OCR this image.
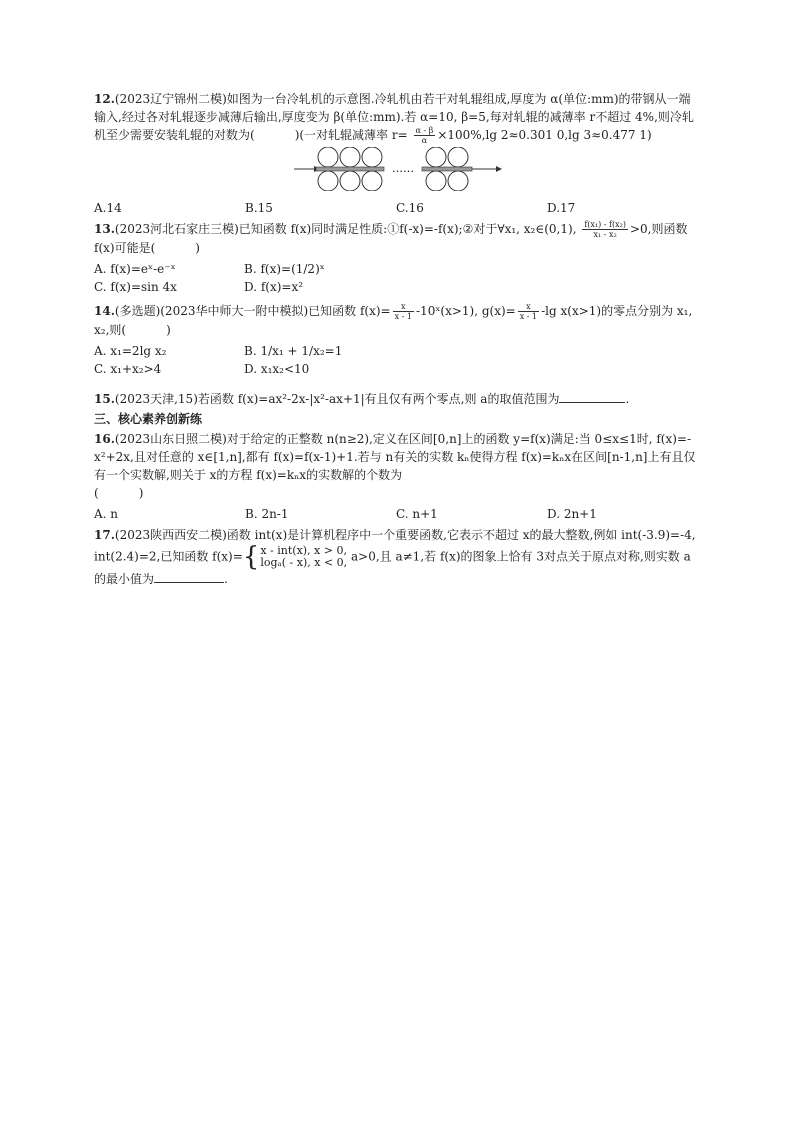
12.(2023辽宁锦州二模)如图为一台冷轧机的示意图.冷轧机由若干对轧辊组成,厚度为 α(单位:mm)的带钢从一端输入,经过各对轧辊逐步减薄后输出,厚度变为 β(单位:mm).若 α=10, β=5,每对轧辊的减薄率 r不超过 4%,则冷轧机至少需要安装轧辊的对数为(	)(一对轧辊减薄率 $r= \frac{\alpha - \beta}{\alpha} \times 100\%,\lg$ 2≈0.301 0,lg 3≈0.477 1)
……
A.14	B.15	C.16	D.17
13.(2023河北石家庄三模)已知函数 f(x)同时满足性质:①f(-x)=-f(x);②对于∀x₁, x₂∈(0,1), $\frac{\text{f(x₁) - f(x₂)}}{\text{x₁ - x₂}} >0$,则函数 f(x)可能是(	)
A. f(x)=eˣ-e⁻ˣ	B. f(x)=(1/2)ˣ
C. f(x)=sin 4x	D. f(x)=x²
14.(多选题)(2023华中师大一附中模拟)已知函数 $f(x)= \frac{x}{x - 1}$ -10ˣ(x>1), $g(x)= \frac{x}{x - 1} -\lg$ x(x>1)的零点分别为 x₁, x₂,则(	)
A. x₁=2lg x₂	B. 1/x₁ + 1/x₂=1
C. x₁+x₂>4	D. x₁x₂<10
15.(2023天津,15)若函数 f(x)=ax²-2x-|x²-ax+1|有且仅有两个零点,则 a的取值范围为	.
三、核心素养创新练
16.(2023山东日照二模)对于给定的正整数 n(n≥2),定义在区间[0,n]上的函数 y=f(x)满足:当 0≤x≤1时, f(x)=-x²+2x,且对任意的 x∈[1,n],都有 f(x)=f(x-1)+1.若与 n有关的实数 kₙ使得方程 f(x)=kₙx在区间[n-1,n]上有且仅有一个实数解,则关于 x的方程 f(x)=kₙx的实数解的个数为
(	)
A. n	B. 2n-1	C. n+1	D. 2n+1
17.(2023陕西西安二模)函数 int(x)是计算机程序中一个重要函数,它表示不超过 x的最大整数,例如 int(-3.9)=-4, int(2.4)=2,已知函数 f(x)= { x - int(x), x > 0,
logₐ( - x), x < 0, a>0,且 a≠1,若 f(x)的图象上恰有 3对点关于原点对称,则实数 a的最小值为	.
